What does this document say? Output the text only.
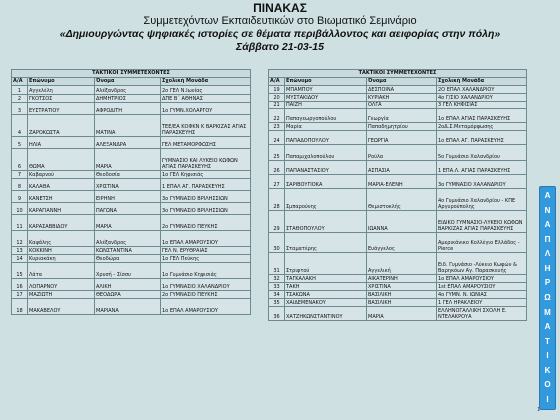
ΠΙΝΑΚΑΣ
Συμμετεχόντων Εκπαιδευτικών στο Βιωματικό Σεμινάριο
«Δημιουργώντας ψηφιακές ιστορίες σε θέματα περιβάλλοντος και αειφορίας στην πόλη»
Σάββατο 21-03-15
ΤΑΚΤΙΚΟΙ ΣΥΜΜΕΤΕΧΟΝΤΕΣ			
Α/Α	Επώνυμο	Όνομα	Σχολική Μονάδα
1	Αγγελέλη	Αλέξανδρος	2ο ΓΕΛ Ν.Ιωνίας
2	ΓΚΟΤΣΟΣ	ΔΗΜΗΤΡΙΟΣ	ΔΠΕ Β΄ ΑΘΗΝΑΣ
3	ΕΥΣΤΡΑΤΙΟΥ	ΑΦΡΟΔΙΤΗ	1ο ΓΥΜΝ.ΧΟΛΑΡΓΟΥ
4	ΖΑΡΟΚΩΣΤΑ	ΜΑΤΙΝΑ	ΤΕΕ/ΕΑ ΚΟΦΚΝ Κ ΒΑΡΚΙΖΑΣ ΑΓΙΑΣ ΠΑΡΑΣΚΕΥΗΣ
5	ΗΛΙΑ	ΑΛΕΞΑΝΔΡΑ	ΓΕΛ ΜΕΤΑΜΟΡΦΩΣΗΣ
6	ΘΩΜΑ	ΜΑΡΙΑ	ΓΥΜΝΑΣΙΟ ΚΑΙ ΛΥΚΕΙΟ ΚΩΦΩΝ ΑΓΙΑΣ ΠΑΡΑΣΚΕΥΗΣ
7	Καβαρνού	Θεοδοσία	1ο ΓΕΛ Κηφισιάς
8	ΚΑΛΑΘΑ	ΧΡΙΣΤΙΝΑ	1 ΕΠΑΛ ΑΓ. ΠΑΡΑΣΚΕΥΗΣ
9	ΚΑΝΕΤΣΗ	ΕΙΡΗΝΗ	3ο ΓΥΜΝΑΣΙΟ ΒΡΙΛΗΣΣΙΩΝ
10	ΚΑΡΑΓΙΑΝΝΗ	ΠΑΓΩΝΑ	3ο ΓΥΜΝΑΣΙΟ ΒΡΙΛΗΣΣΙΩΝ
11	ΚΑΡΑΣΑΒΒΙΔΟΥ	ΜΑΡΙΑ	2ο ΓΥΜΝΑΣΙΟ ΠΕΥΚΗΣ
12	Καψάλης	Αλέξανδρος	1ο ΕΠΑΛ ΑΜΑΡΟΥΣΙΟΥ
13	ΚΟΚΚΙΝΗ	ΚΩΝΣΤΑΝΤΙΝΑ	ΓΕΛ Ν. ΕΡΥΘΡΑΙΑΣ
14	Κυριακάκη	Θεοδώρα	1ο ΓΕΛ Πεύκης
15	Λάτα	Χρυσή - Σίσσυ	1ο Γυμνάσιο Κηφισιάς
16	ΛΟΠΑΡΝΟΥ	ΑΛΙΚΗ	1ο ΓΥΜΝΑΣΙΟ ΧΑΛΑΝΔΡΙΟΥ
17	ΜΑΖΙΩΤΗ	ΘΕΟΔΩΡΑ	2ο ΓΥΜΝΑΣΙΟ ΠΕΥΚΗΣ
18	ΜΑΚΑΒΕΛΟΥ	ΜΑΡΙΑΝΑ	1ο ΕΠΑΛ ΑΜΑΡΟΥΣΙΟΥ
ΤΑΚΤΙΚΟΙ ΣΥΜΜΕΤΕΧΟΝΤΕΣ			
Α/Α	Επώνυμο	Όνομα	Σχολική Μονάδα
19	ΜΠΑΜΠΟΥ	ΔΕΣΠΟΙΝΑ	2Ο ΕΠΑΛ ΧΑΛΑΝΔΡΙΟΥ
20	ΜΥΣΤΑΚΙΔΟΥ	ΚΥΡΙΑΚΗ	4ο Γ/ΣΙΟ ΧΑΛΑΝΔΡΙΟΥ
21	ΠΑΙΖΗ	ΟΛΓΑ	3 ΓΕΛ ΚΗΦΙΣΙΑΣ
22	Παπαγεωργοπούλου	Γεωργία	1ο ΕΠΑΛ ΑΓΙΑΣ ΠΑΡΑΣΚΕΥΗΣ
23	Μαρία	Παπαδημητρίου	2οΔ.Σ.Μεταμόρφωσης
24	ΠΑΠΑΔΟΠΟΥΛΟΥ	ΓΕΩΡΓΙΑ	1ο ΕΠΑΛ ΑΓ. ΠΑΡΑΣΚΕΥΗΣ
25	Παπαμιχαλοπούλου	Ρούλα	5ο Γυμνάσιο Χαλανδρίου
26	ΠΑΠΑΝΑΣΤΑΣΙΟΥ	ΑΣΠΑΣΙΑ	1 ΕΠΑ.Λ. ΑΓΙΑΣ ΠΑΡΑΣΚΕΥΗΣ
27	ΣΑΡΙΒΟΥΓΙΟΚΑ	ΜΑΡΙΑ-ΕΛΕΝΗ	3ο ΓΥΜΝΑΣΙΟ ΧΑΛΑΝΔΡΙΟΥ
28	Σμπαρούνης	Θεμιστοκλής	4ο Γυμνάσιο Χαλανδρίου - ΚΠΕ Αργυρούπολης
29	ΣΤΑΘΟΠΟΥΛΟΥ	ΙΩΑΝΝΑ	ΕΙΔΙΚΟ ΓΥΜΝΑΣΙΟ-ΛΥΚΕΙΟ ΚΩΦΩΝ ΒΑΡΚΙΖΑΣ ΑΓΙΑΣ ΠΑΡΑΣΚΕΥΗΣ
30	Σταματέρης	Ευάγγελος	Αμερικάνικο Κολλέγιο Ελλάδος - Pierce
31	Στριφτού	Αγγελική	Ειδ. Γυμνάσιο -Λύκειο Κωφών & Βαρηκόων Αγ. Παρασκευής
32	ΤΑΓΚΑΛΑΚΗ	ΑΙΚΑΤΕΡΙΝΗ	1ο ΕΠΑΛ ΑΜΑΡΟΥΣΙΟΥ
33	ΤΑΚΗ	ΧΡΙΣΤΙΝΑ	1st ΕΠΑΛ ΑΜΑΡΟΥΣΙΟΥ
34	ΤΣΑΚΩΝΑ	ΒΑΣΙΛΙΚΗ	4ο ΓΥΜΝ. Ν. ΙΩΝΙΑΣ
35	ΧΑΙΔΕΜΕΝΑΚΟΥ	ΒΑΣΙΛΙΚΗ	1 ΓΕΛ ΗΡΑΚΛΕΙΟΥ
36	ΧΑΤΖΗΚΩΝΣΤΑΝΤΙΝΟΥ	ΜΑΡΙΑ	ΕΛΛΗΝΟΓΑΛΛΙΚΗ ΣΧΟΛΗ Ε. ΝΤΕΛΑΚΡΟΥΑ
Α
Ν
Α
Π
Λ
Η
Ρ
Ω
Μ
Α
Τ
Ι
Κ
Ο
Ι
1
